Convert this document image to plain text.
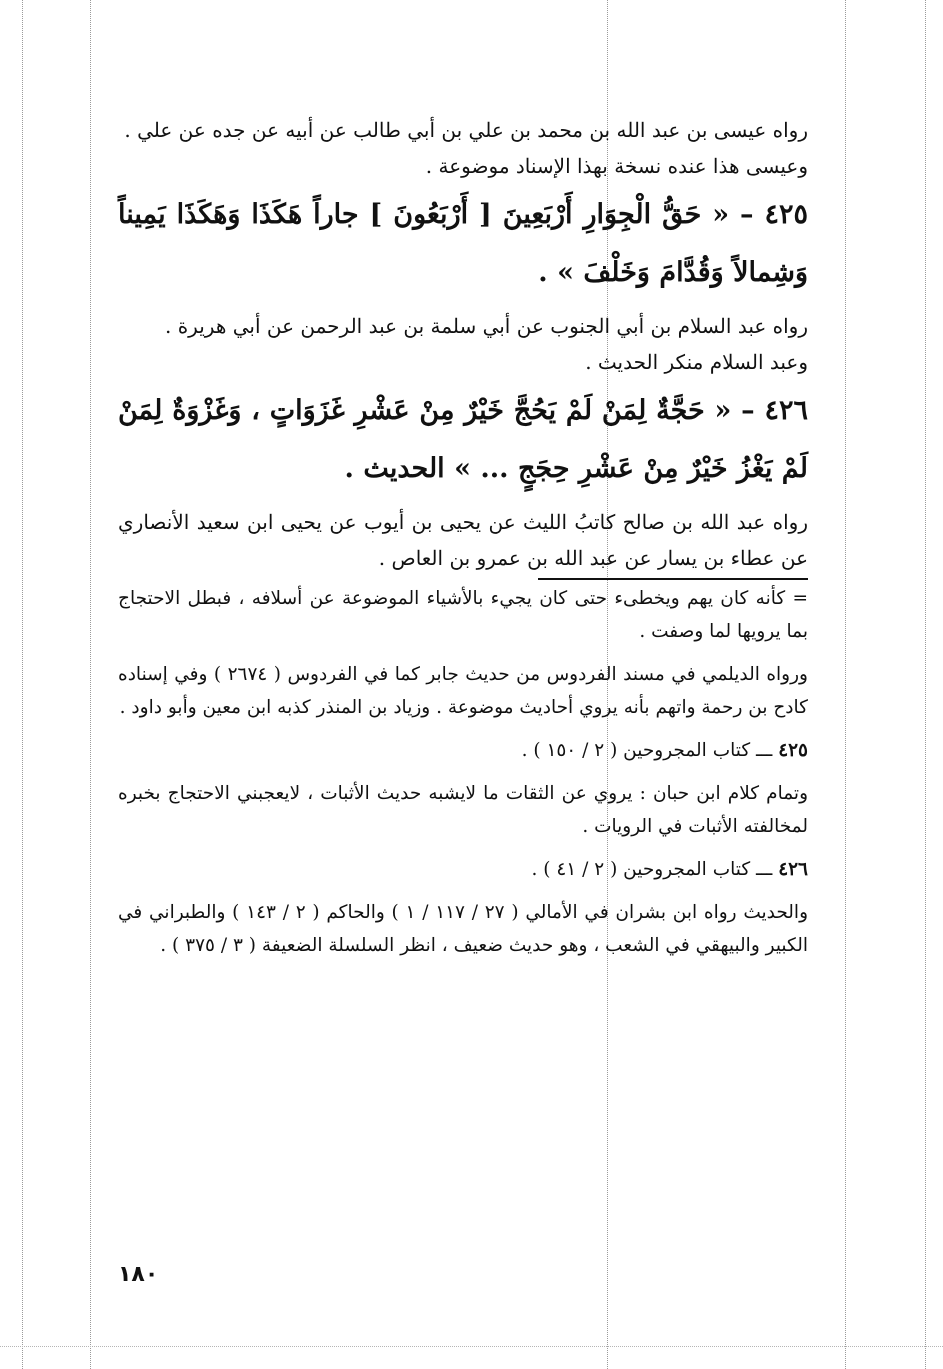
رواه عيسى بن عبد الله بن محمد بن علي بن أبي طالب عن أبيه عن جده عن علي .

وعيسى هذا عنده نسخة بهذا الإسناد موضوعة .

٤٢٥ – « حَقُّ الْجِوَارِ أَرْبَعِينَ [ أَرْبَعُونَ ] جاراً هَكَذَا وَهَكَذَا يَمِيناً وَشِمالاً وَقُدَّامَ وَخَلْفَ » .

رواه عبد السلام بن أبي الجنوب عن أبي سلمة بن عبد الرحمن عن أبي هريرة .

وعبد السلام منكر الحديث .

٤٢٦ – « حَجَّةٌ لِمَنْ لَمْ يَحُجَّ خَيْرٌ مِنْ عَشْرِ غَزَوَاتٍ ، وَغَزْوَةٌ لِمَنْ لَمْ يَغْزُ خَيْرٌ مِنْ عَشْرِ حِجَجٍ ... » الحديث .

رواه عبد الله بن صالح كاتبُ الليث عن يحيى بن أيوب عن يحيى ابن سعيد الأنصاري عن عطاء بن يسار عن عبد الله بن عمرو بن العاص .

= كأنه كان يهم ويخطىء حتى كان يجيء بالأشياء الموضوعة عن أسلافه ، فبطل الاحتجاج بما يرويها لما وصفت .

ورواه الديلمي في مسند الفردوس من حديث جابر كما في الفردوس ( ٢٦٧٤ ) وفي إسناده كادح بن رحمة واتهم بأنه يروي أحاديث موضوعة . وزياد بن المنذر كذبه ابن معين وأبو داود .

٤٢٥ ـــ كتاب المجروحين ( ٢ / ١٥٠ ) .

وتمام كلام ابن حبان : يروي عن الثقات ما لايشبه حديث الأثبات ، لايعجبني الاحتجاج بخبره لمخالفته الأثبات في الرويات .

٤٢٦ ـــ كتاب المجروحين ( ٢ / ٤١ ) .

والحديث رواه ابن بشران في الأمالي ( ٢٧ / ١١٧ / ١ ) والحاكم ( ٢ / ١٤٣ ) والطبراني في الكبير والبيهقي في الشعب ، وهو حديث ضعيف ، انظر السلسلة الضعيفة ( ٣ / ٣٧٥ ) .

١٨٠
